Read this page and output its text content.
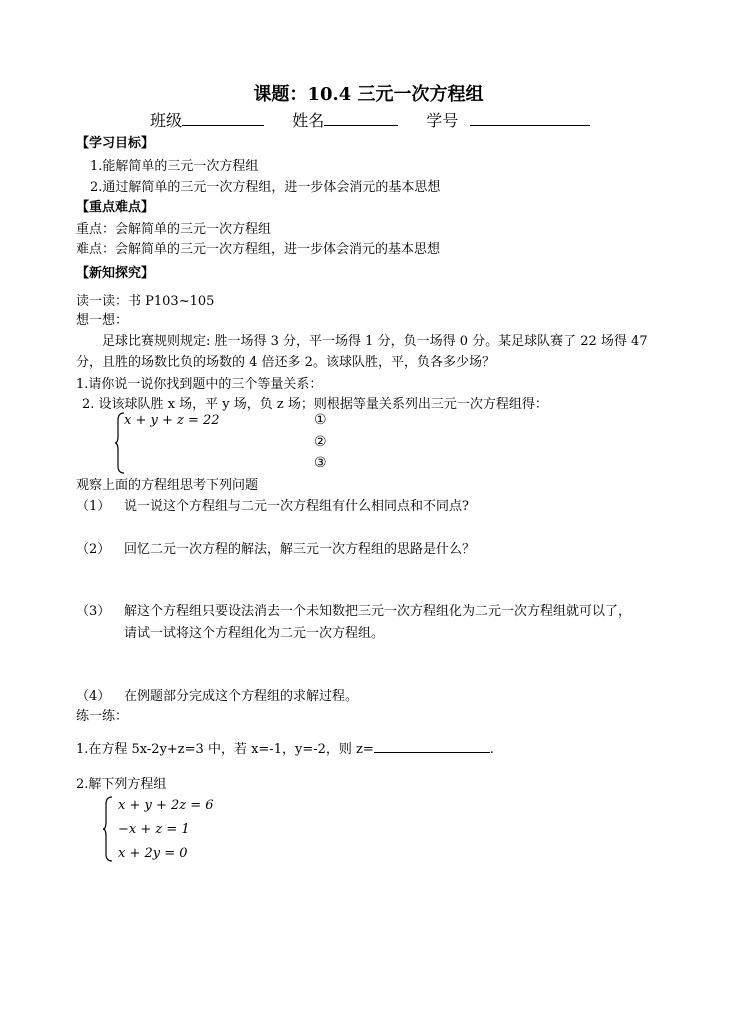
课题：10.4 三元一次方程组
班级	姓名	学号
【学习目标】
1.能解简单的三元一次方程组
2.通过解简单的三元一次方程组，进一步体会消元的基本思想
【重点难点】
重点：会解简单的三元一次方程组
难点：会解简单的三元一次方程组，进一步体会消元的基本思想
【新知探究】
读一读：书 P103~105
想一想：
足球比赛规则规定: 胜一场得 3 分，平一场得 1 分，负一场得 0 分。某足球队赛了 22 场得 47
分，且胜的场数比负的场数的 4 倍还多 2。该球队胜，平，负各多少场？
1.请你说一说你找到题中的三个等量关系：
2. 设该球队胜 x 场，平 y 场，负 z 场；则根据等量关系列出三元一次方程组得：
x + y + z = 22	①
②
③
观察上面的方程组思考下列问题
（1） 说一说这个方程组与二元一次方程组有什么相同点和不同点?
（2） 回忆二元一次方程的解法，解三元一次方程组的思路是什么？
（3） 解这个方程组只要设法消去一个未知数把三元一次方程组化为二元一次方程组就可以了，
请试一试将这个方程组化为二元一次方程组。
（4） 在例题部分完成这个方程组的求解过程。
练一练：
1.在方程 5x-2y+z=3 中，若 x=-1，y=-2，则 z=	.
2.解下列方程组
x + y + 2z = 6
−x + z = 1
x + 2y = 0
